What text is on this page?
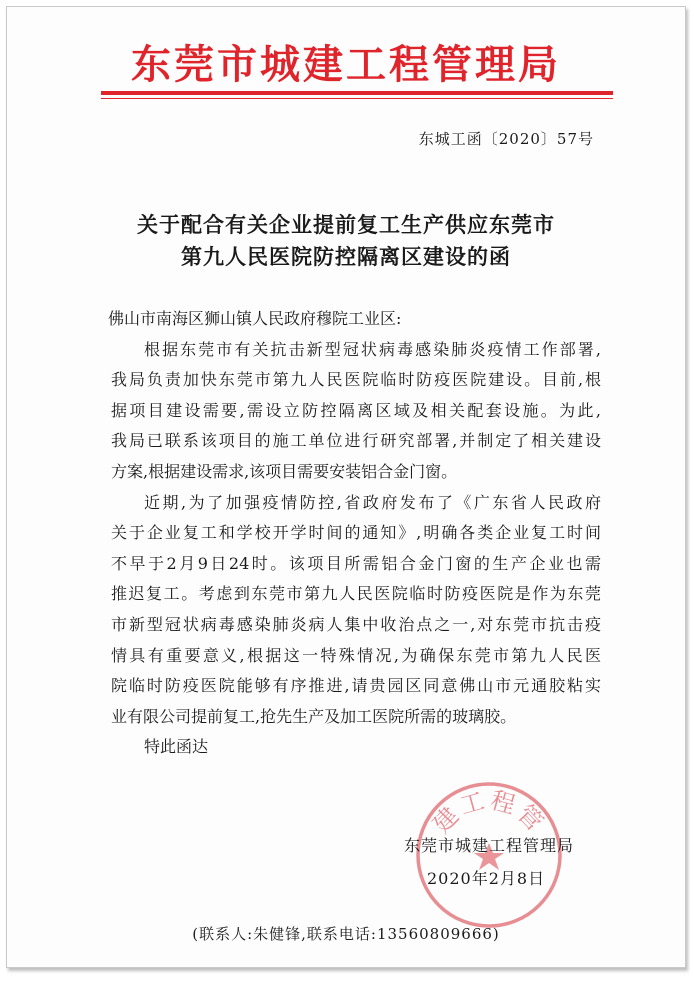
东莞市城建工程管理局
东城工函〔2020〕57号
关于配合有关企业提前复工生产供应东莞市
第九人民医院防控隔离区建设的函
佛山市南海区狮山镇人民政府穆院工业区:
根据东莞市有关抗击新型冠状病毒感染肺炎疫情工作部署,
我局负责加快东莞市第九人民医院临时防疫医院建设。目前,根
据项目建设需要,需设立防控隔离区域及相关配套设施。为此,
我局已联系该项目的施工单位进行研究部署,并制定了相关建设
方案,根据建设需求,该项目需要安装铝合金门窗。
近期,为了加强疫情防控,省政府发布了《广东省人民政府
关于企业复工和学校开学时间的通知》,明确各类企业复工时间
不早于2月9日24时。该项目所需铝合金门窗的生产企业也需
推迟复工。考虑到东莞市第九人民医院临时防疫医院是作为东莞
市新型冠状病毒感染肺炎病人集中收治点之一,对东莞市抗击疫
情具有重要意义,根据这一特殊情况,为确保东莞市第九人民医
院临时防疫医院能够有序推进,请贵园区同意佛山市元通胶粘实
业有限公司提前复工,抢先生产及加工医院所需的玻璃胶。
特此函达
建工程管
东莞市城建工程管理局
2020年2月8日
(联系人:朱健锋,联系电话:13560809666)
